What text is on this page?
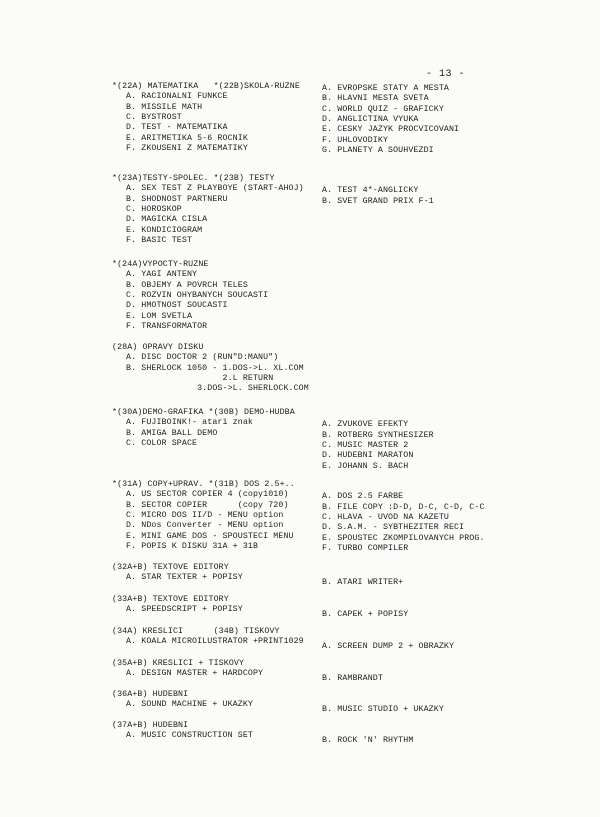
- 13 -
*(22A) MATEMATIKA   *(22B)SKOLA-RUZNE
A. RACIONALNI FUNKCE
B. MISSILE MATH
C. BYSTROST
D. TEST - MATEMATIKA
E. ARITMETIKA 5-6 ROCNIK
F. ZKOUSENI Z MATEMATIKY
A. EVROPSKE STATY A MESTA
B. HLAVNI MESTA SVETA
C. WORLD QUIZ - GRAFICKY
D. ANGLICTINA VYUKA
E. CESKY JAZYK PROCVICOVANI
F. UHLOVODIKY
G. PLANETY A SOUHVEZDI
*(23A)TESTY-SPOLEC. *(23B) TESTY
A. SEX TEST Z PLAYBOYE (START-AHOJ)
B. SHODNOST PARTNERU
C. HOROSKOP
D. MAGICKA CISLA
E. KONDICIOGRAM
F. BASIC TEST
A. TEST 4*-ANGLICKY
B. SVET GRAND PRIX F-1
*(24A)VYPOCTY-RUZNE
A. YAGI ANTENY
B. OBJEMY A POVRCH TELES
C. ROZVIN OHYBANYCH SOUCASTI
D. HMOTNOST SOUCASTI
E. LOM SVETLA
F. TRANSFORMATOR
(28A) OPRAVY DISKU
A. DISC DOCTOR 2 (RUN"D:MANU")
B. SHERLOCK 1050 - 1.DOS->L. XL.COM
2.L RETURN
3.DOS->L. SHERLOCK.COM
*(30A)DEMO-GRAFIKA *(30B) DEMO-HUDBA
A. FUJIBOINK!- atari znak
B. AMIGA BALL DEMO
C. COLOR SPACE
A. ZVUKOVE EFEKTY
B. ROTBERG SYNTHESIZER
C. MUSIC MASTER 2
D. HUDEBNI MARATON
E. JOHANN S. BACH
*(31A) COPY+UPRAV. *(31B) DOS 2.5+..
A. US SECTOR COPIER 4 (copy1010)
B. SECTOR COPIER      (copy 720)
C. MICRO DOS II/D - MENU option
D. NDos Converter - MENU option
E. MINI GAME DOS - SPOUSTECI MENU
F. POPIS K DISKU 31A + 31B
A. DOS 2.5 FARBE
B. FILE COPY :D-D, D-C, C-D, C-C
C. HLAVA - UVOD NA KAZETU
D. S.A.M. - SYBTHEZITER RECI
E. SPOUSTEC ZKOMPILOVANYCH PROG.
F. TURBO COMPILER
(32A+B) TEXTOVE EDITORY
A. STAR TEXTER + POPISY
B. ATARI WRITER+
(33A+B) TEXTOVE EDITORY
A. SPEEDSCRIPT + POPISY
B. CAPEK + POPISY
(34A) KRESLICI      (34B) TISKOVY
A. KOALA MICROILUSTRATOR +PRINT1029
A. SCREEN DUMP 2 + OBRAZKY
(35A+B) KRESLICI + TISKOVY
A. DESIGN MASTER + HARDCOPY
B. RAMBRANDT
(36A+B) HUDEBNI
A. SOUND MACHINE + UKAZKY
B. MUSIC STUDIO + UKAZKY
(37A+B) HUDEBNI
A. MUSIC CONSTRUCTION SET
B. ROCK 'N' RHYTHM
